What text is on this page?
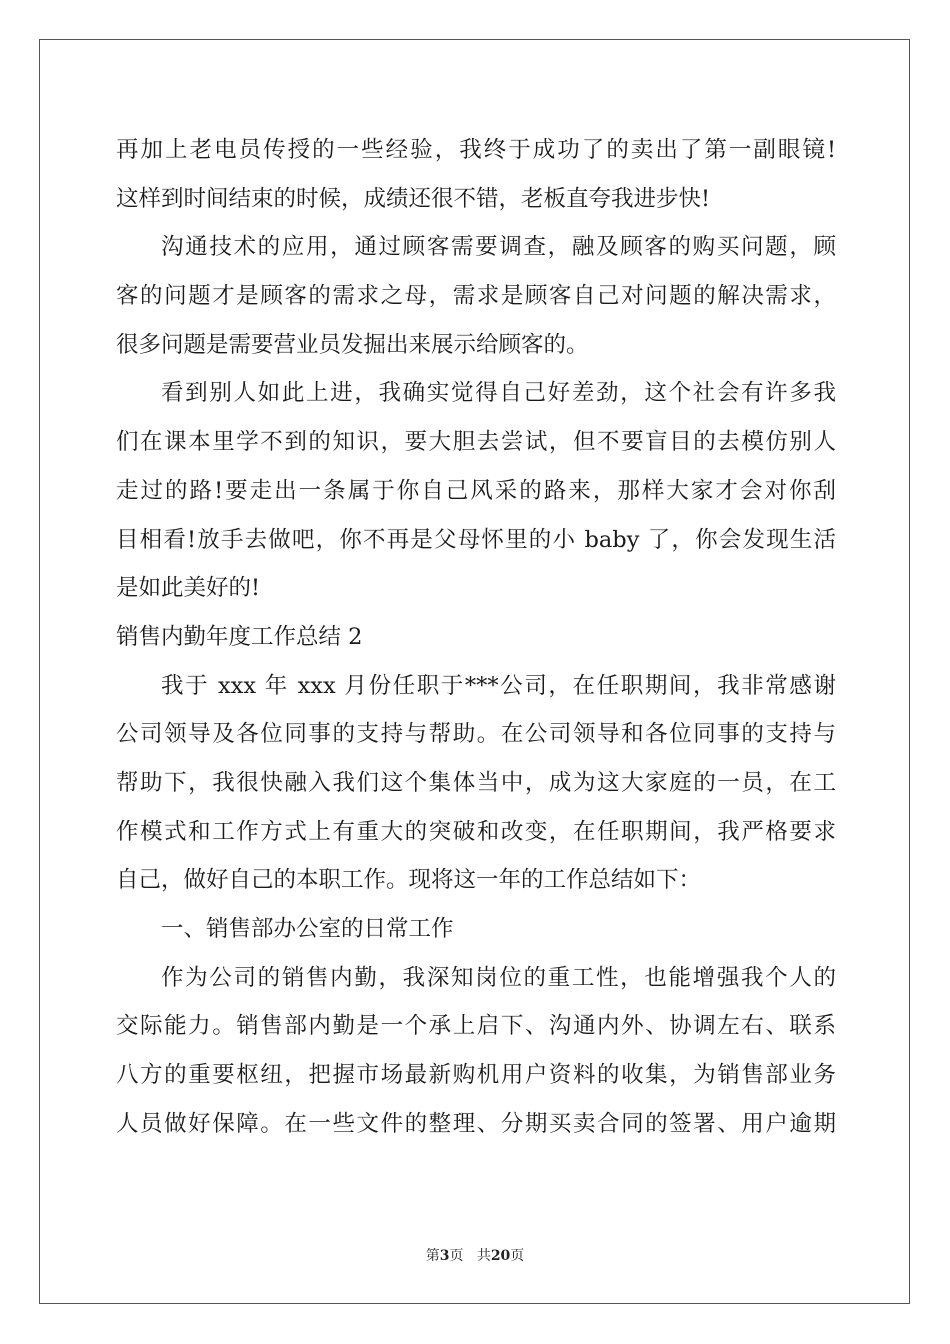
再加上老电员传授的一些经验，我终于成功了的卖出了第一副眼镜!
这样到时间结束的时候，成绩还很不错，老板直夸我进步快!
沟通技术的应用，通过顾客需要调查，融及顾客的购买问题，顾
客的问题才是顾客的需求之母，需求是顾客自己对问题的解决需求，
很多问题是需要营业员发掘出来展示给顾客的。
看到别人如此上进，我确实觉得自己好差劲，这个社会有许多我
们在课本里学不到的知识，要大胆去尝试，但不要盲目的去模仿别人
走过的路!要走出一条属于你自己风采的路来，那样大家才会对你刮
目相看!放手去做吧，你不再是父母怀里的小 baby 了，你会发现生活
是如此美好的!
销售内勤年度工作总结 2
我于 xxx 年 xxx 月份任职于***公司，在任职期间，我非常感谢
公司领导及各位同事的支持与帮助。在公司领导和各位同事的支持与
帮助下，我很快融入我们这个集体当中，成为这大家庭的一员，在工
作模式和工作方式上有重大的突破和改变，在任职期间，我严格要求
自己，做好自己的本职工作。现将这一年的工作总结如下：
一、销售部办公室的日常工作
作为公司的销售内勤，我深知岗位的重工性，也能增强我个人的
交际能力。销售部内勤是一个承上启下、沟通内外、协调左右、联系
八方的重要枢纽，把握市场最新购机用户资料的收集，为销售部业务
人员做好保障。在一些文件的整理、分期买卖合同的签署、用户逾期
第3页 共20页
